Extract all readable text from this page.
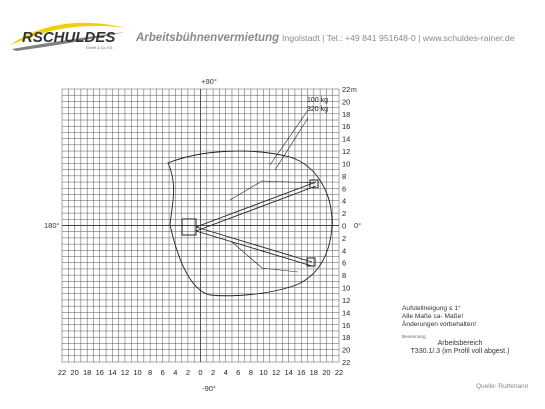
RSCHULDES
GmbH & Co. KG
Arbeitsbühnenvermietung Ingolstadt | Tel.: +49 841 951648-0 | www.schuldes-rainer.de
22
20
18
16
14
12
10
8
6
4
2
0
2
4
6
8
10
12
14
16
18
20
22
22 20 18 16 14 12 10 8 6 4 2 0 2 4 6 8 10 12 14 16 18 20 22
+90°
-90°
180°	0°
m
100 kg
320 kg
Aufstellneigung ≤ 1°
Alle Maße ca- Maße!
Änderungen vorbehalten!
Benennung
Arbeitsbereich
T330.1/.3 (im Profil voll abgest.)
Quelle: Ruthmann
